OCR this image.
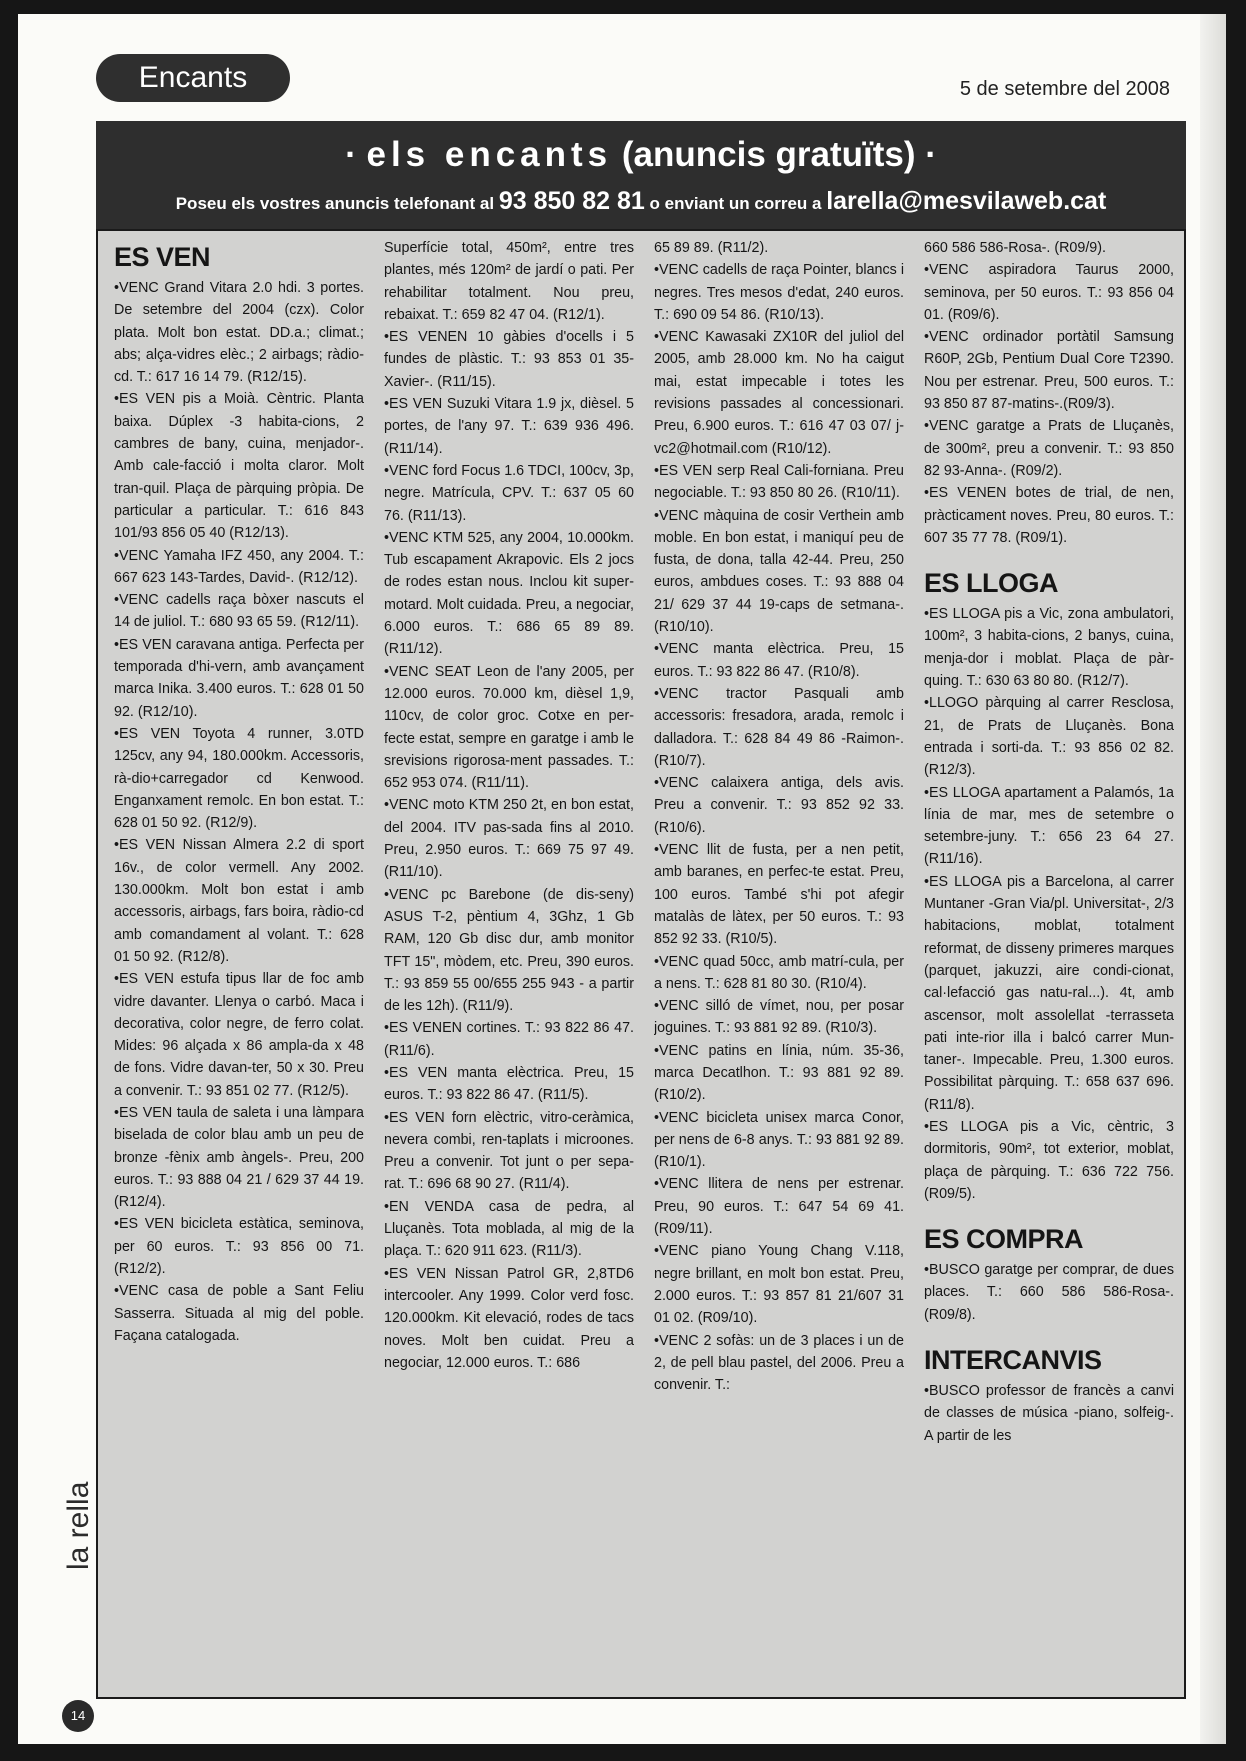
Encants	5 de setembre del 2008
· els encants (anuncis gratuïts) ·
Poseu els vostres anuncis telefonant al 93 850 82 81 o enviant un correu a larella@mesvilaweb.cat
ES VEN

•VENC Grand Vitara 2.0 hdi. 3 portes. De setembre del 2004 (czx). Color plata. Molt bon estat. DD.a.; climat.; abs; alça-vidres elèc.; 2 airbags; ràdio-cd. T.: 617 16 14 79. (R12/15).

•ES VEN pis a Moià. Cèntric. Planta baixa. Dúplex -3 habita-cions, 2 cambres de bany, cuina, menjador-. Amb cale-facció i molta claror. Molt tran-quil. Plaça de pàrquing pròpia. De particular a particular. T.: 616 843 101/93 856 05 40 (R12/13).

•VENC Yamaha IFZ 450, any 2004. T.: 667 623 143-Tardes, David-. (R12/12).

•VENC cadells raça bòxer nascuts el 14 de juliol. T.: 680 93 65 59. (R12/11).

•ES VEN caravana antiga. Perfecta per temporada d'hi-vern, amb avançament marca Inika. 3.400 euros. T.: 628 01 50 92. (R12/10).

•ES VEN Toyota 4 runner, 3.0TD 125cv, any 94, 180.000km. Accessoris, rà-dio+carregador cd Kenwood. Enganxament remolc. En bon estat. T.: 628 01 50 92. (R12/9).

•ES VEN Nissan Almera 2.2 di sport 16v., de color vermell. Any 2002. 130.000km. Molt bon estat i amb accessoris, airbags, fars boira, ràdio-cd amb comandament al volant. T.: 628 01 50 92. (R12/8).

•ES VEN estufa tipus llar de foc amb vidre davanter. Llenya o carbó. Maca i decorativa, color negre, de ferro colat. Mides: 96 alçada x 86 ampla-da x 48 de fons. Vidre davan-ter, 50 x 30. Preu a convenir. T.: 93 851 02 77. (R12/5).

•ES VEN taula de saleta i una làmpara biselada de color blau amb un peu de bronze -fènix amb àngels-. Preu, 200 euros. T.: 93 888 04 21 / 629 37 44 19. (R12/4).

•ES VEN bicicleta estàtica, seminova, per 60 euros. T.: 93 856 00 71. (R12/2).

•VENC casa de poble a Sant Feliu Sasserra. Situada al mig del poble. Façana catalogada.

Superfície total, 450m², entre tres plantes, més 120m² de jardí o pati. Per rehabilitar totalment. Nou preu, rebaixat. T.: 659 82 47 04. (R12/1).

•ES VENEN 10 gàbies d'ocells i 5 fundes de plàstic. T.: 93 853 01 35-Xavier-. (R11/15).

•ES VEN Suzuki Vitara 1.9 jx, dièsel. 5 portes, de l'any 97. T.: 639 936 496. (R11/14).

•VENC ford Focus 1.6 TDCI, 100cv, 3p, negre. Matrícula, CPV. T.: 637 05 60 76. (R11/13).

•VENC KTM 525, any 2004, 10.000km. Tub escapament Akrapovic. Els 2 jocs de rodes estan nous. Inclou kit super-motard. Molt cuidada. Preu, a negociar, 6.000 euros. T.: 686 65 89 89. (R11/12).

•VENC SEAT Leon de l'any 2005, per 12.000 euros. 70.000 km, dièsel 1,9, 110cv, de color groc. Cotxe en per-fecte estat, sempre en garatge i amb le srevisions rigorosa-ment passades. T.: 652 953 074. (R11/11).

•VENC moto KTM 250 2t, en bon estat, del 2004. ITV pas-sada fins al 2010. Preu, 2.950 euros. T.: 669 75 97 49. (R11/10).

•VENC pc Barebone (de dis-seny) ASUS T-2, pèntium 4, 3Ghz, 1 Gb RAM, 120 Gb disc dur, amb monitor TFT 15", mòdem, etc. Preu, 390 euros. T.: 93 859 55 00/655 255 943 - a partir de les 12h). (R11/9).

•ES VENEN cortines. T.: 93 822 86 47. (R11/6).

•ES VEN manta elèctrica. Preu, 15 euros. T.: 93 822 86 47. (R11/5).

•ES VEN forn elèctric, vitro-ceràmica, nevera combi, ren-taplats i microones. Preu a convenir. Tot junt o per sepa-rat. T.: 696 68 90 27. (R11/4).

•EN VENDA casa de pedra, al Lluçanès. Tota moblada, al mig de la plaça. T.: 620 911 623. (R11/3).

•ES VEN Nissan Patrol GR, 2,8TD6 intercooler. Any 1999. Color verd fosc. 120.000km. Kit elevació, rodes de tacs noves. Molt ben cuidat. Preu a negociar, 12.000 euros. T.: 686

65 89 89. (R11/2).

•VENC cadells de raça Pointer, blancs i negres. Tres mesos d'edat, 240 euros. T.: 690 09 54 86. (R10/13).

•VENC Kawasaki ZX10R del juliol del 2005, amb 28.000 km. No ha caigut mai, estat impecable i totes les revisions passades al concessionari. Preu, 6.900 euros. T.: 616 47 03 07/ j-vc2@hotmail.com (R10/12).

•ES VEN serp Real Cali-forniana. Preu negociable. T.: 93 850 80 26. (R10/11).

•VENC màquina de cosir Verthein amb moble. En bon estat, i maniquí peu de fusta, de dona, talla 42-44. Preu, 250 euros, ambdues coses. T.: 93 888 04 21/ 629 37 44 19-caps de setmana-. (R10/10).

•VENC manta elèctrica. Preu, 15 euros. T.: 93 822 86 47. (R10/8).

•VENC tractor Pasquali amb accessoris: fresadora, arada, remolc i dalladora. T.: 628 84 49 86 -Raimon-. (R10/7).

•VENC calaixera antiga, dels avis. Preu a convenir. T.: 93 852 92 33. (R10/6).

•VENC llit de fusta, per a nen petit, amb baranes, en perfec-te estat. Preu, 100 euros. També s'hi pot afegir matalàs de làtex, per 50 euros. T.: 93 852 92 33. (R10/5).

•VENC quad 50cc, amb matrí-cula, per a nens. T.: 628 81 80 30. (R10/4).

•VENC silló de vímet, nou, per posar joguines. T.: 93 881 92 89. (R10/3).

•VENC patins en línia, núm. 35-36, marca Decatlhon. T.: 93 881 92 89. (R10/2).

•VENC bicicleta unisex marca Conor, per nens de 6-8 anys. T.: 93 881 92 89. (R10/1).

•VENC llitera de nens per estrenar. Preu, 90 euros. T.: 647 54 69 41. (R09/11).

•VENC piano Young Chang V.118, negre brillant, en molt bon estat. Preu, 2.000 euros. T.: 93 857 81 21/607 31 01 02. (R09/10).

•VENC 2 sofàs: un de 3 places i un de 2, de pell blau pastel, del 2006. Preu a convenir. T.:

660 586 586-Rosa-. (R09/9).

•VENC aspiradora Taurus 2000, seminova, per 50 euros. T.: 93 856 04 01. (R09/6).

•VENC ordinador portàtil Samsung R60P, 2Gb, Pentium Dual Core T2390. Nou per estrenar. Preu, 500 euros. T.: 93 850 87 87-matins-.(R09/3).

•VENC garatge a Prats de Lluçanès, de 300m², preu a convenir. T.: 93 850 82 93-Anna-. (R09/2).

•ES VENEN botes de trial, de nen, pràcticament noves. Preu, 80 euros. T.: 607 35 77 78. (R09/1).

ES LLOGA

•ES LLOGA pis a Vic, zona ambulatori, 100m², 3 habita-cions, 2 banys, cuina, menja-dor i moblat. Plaça de pàr-quing. T.: 630 63 80 80. (R12/7).

•LLOGO pàrquing al carrer Resclosa, 21, de Prats de Lluçanès. Bona entrada i sorti-da. T.: 93 856 02 82. (R12/3).

•ES LLOGA apartament a Palamós, 1a línia de mar, mes de setembre o setembre-juny. T.: 656 23 64 27. (R11/16).

•ES LLOGA pis a Barcelona, al carrer Muntaner -Gran Via/pl. Universitat-, 2/3 habitacions, moblat, totalment reformat, de disseny primeres marques (parquet, jakuzzi, aire condi-cionat, cal·lefacció gas natu-ral...). 4t, amb ascensor, molt assolellat -terrasseta pati inte-rior illa i balcó carrer Mun-taner-. Impecable. Preu, 1.300 euros. Possibilitat pàrquing. T.: 658 637 696. (R11/8).

•ES LLOGA pis a Vic, cèntric, 3 dormitoris, 90m², tot exterior, moblat, plaça de pàrquing. T.: 636 722 756. (R09/5).

ES COMPRA

•BUSCO garatge per comprar, de dues places. T.: 660 586 586-Rosa-. (R09/8).

INTERCANVIS

•BUSCO professor de francès a canvi de classes de música -piano, solfeig-. A partir de les

la rella
14
